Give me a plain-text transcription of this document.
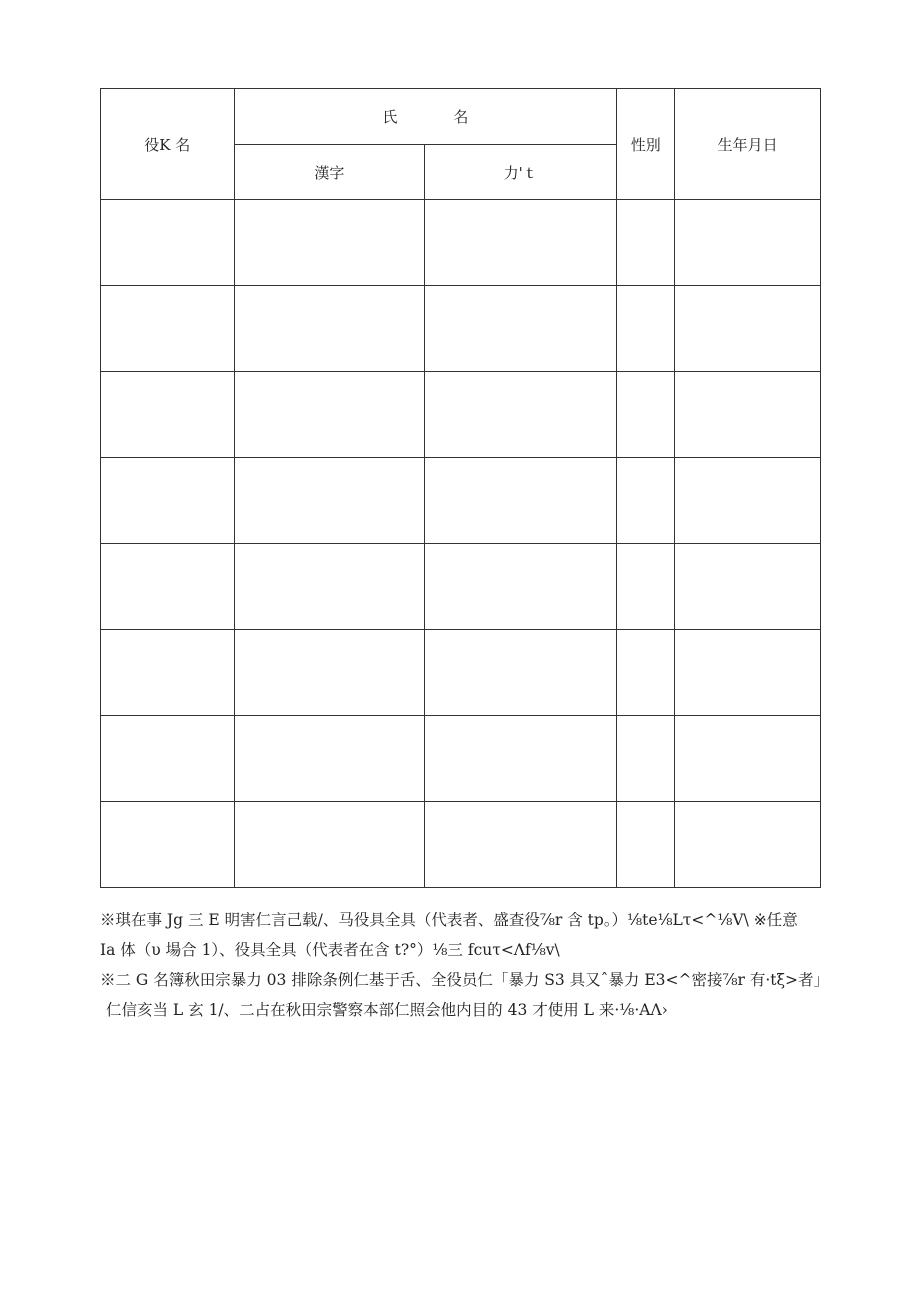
役K 名	氏 名		性別	生年月日
	漢字	力'ｔ		

※琪在事 Jg 三 E 明害仁言己载/、马役具全具（代表者、盛查役⅞r 含 tp。）⅛te⅛Lτ<^⅛V\ ※任意
Ia 体（υ 場合 1）、役具全具（代表者在含 t?°）⅛三 fcuτ<Λf⅛v\
※二 G 名簿秋田宗暴力 03 排除条例仁基于舌、全役员仁「暴力 S3 具又ˆ暴力 E3<^密接⅞r 有·tξ>者」
仁信亥当 L 玄 1/、二占在秋田宗警察本部仁照会他内目的 43 才使用 L 来·⅛·AΛ›
